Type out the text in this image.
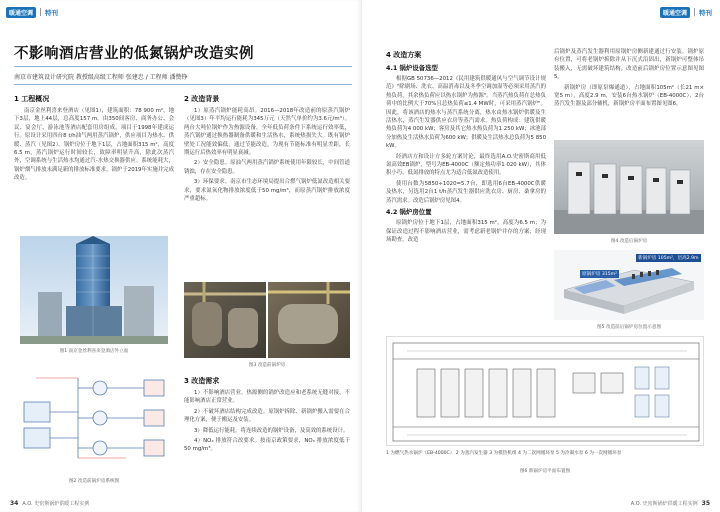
暖通空调	特刊
不影响酒店营业的低氮锅炉改造实例
南京市建筑设计研究院 教授级高级工程师 张建忠 / 工程师 潘赞铮
1 工程概况
南京金丝利喜来登酒店（见图1），建筑面积：78 900 m²，地下3层，地上44层，总高度157 m。由350间客房、商务办公、会议、宴会厅、游泳池等酒店配套用房组成。项目于1998年建成运行。原设计采用四台8 t/h油气两用蒸汽锅炉，供应项目为热水、供暖、蒸汽（见图2）。锅炉房位于地下1层，占地面积315 m²，高度6.5 m，蒸汽锅炉运行时间较长，故障率明显升高，除此次蒸汽外，空调系统与生活热水均通过汽-水热交换器供应。系统能耗大，锅炉烟气排放未满足新的排放标准要求，锅炉于2019年实施并完成改造。
图1 南京金丝利喜来登酒店外立面
图2 改造前锅炉房系统图
2 改造背景
1）原蒸汽锅炉能耗高昂。2016—2018年改造前的原蒸汽锅炉（见图3）年平均运行能耗为345万元（天然气单价约为3.6元/m³）。两台大吨位锅炉作为热源设备，全年低负荷条件下系统运行效率低，蒸汽锅炉通过换热器制备供暖和生活热水，系统热损失大。既有锅炉壁处工况能效偏低，通过节能改造，为现有节能标准有明显差距，长期运行后热效率有明显衰减。
2）安全隐患。原油气两用蒸汽锅炉系统使用年限较长，中间管道锈蚀，存在安全隐患。
3）环保要求。南京市生态环境局提出合燃气锅炉低氮改造相关要求，要求氮氧化物排放浓度低于50 mg/m³，而原蒸汽锅炉排放浓度严重超标。
图3 改造前锅炉房
3 改造需求
1）不影响酒店营业。热源侧的锅炉改造应和老系统无缝对接，不能影响酒店正常营业。
2）不破坏酒店结构完成改造。原锅炉拆除、新锅炉搬入需要在合理化方案，便于搬运及安装。
3）降低运行能耗。将连续改造的锅炉设备，及高效的系统设计。
4）NOₓ 排放符合改要求。按南京政策要求，NOₓ 排放浓度低于50 mg/m³。
34 A.O. 史密斯锅炉供暖工程实例
暖通空调	特刊
4 改造方案
4.1 锅炉设备选型
根据GB 50736—2012《民用建筑供暖通风与空气调节设计规范》"除剧场、洗衣、高温消毒以及冬季空调加湿等必须采用蒸汽的热负荷，其余热负荷应以热水锅炉为热源"。当蒸汽热负荷在总热负荷中的比例大于70%且总热负荷≤1.4 MW时，可采用蒸汽锅炉"。因此，将该酒店的热水与蒸汽系统分离，热水由热水锅炉供暖及生活热水，蒸汽生发器供应衣房等蒸汽需求。热负荷构成：建筑供暖热负荷为4 000 kW；客房及其它热水热负荷为1 250 kW；冰池部分加热及生活热水负荷为600 kW；供暖及生活热水总负荷为5 850 kW。
经酒店方和设计方多轮方案讨论，最终选用A.O.史密斯商用低氮高效EB锅炉，型号为EB-4000C（额定热功率1 020 kW），其体积小巧，低氮排放的特点尤为适合低氮改造使用。
使用台数为5850÷1020=5.7台，即选用6台EB-4000C供暖及热水，另选用2台1 t/h蒸汽发生器供应洗衣房、厨房、桑拿房的蒸汽需求。改造后锅炉房见图4。
4.2 锅炉房位置
原锅炉房位于地下1层，占地面积315 m²，高度为6.5 m；为保证改造过程不影响酒店营业，需考虑新老锅炉并存的方案；经现场勘查，改造
后锅炉及蒸汽发生器利用原锅炉房侧新建通过行安装。锅炉原有位置，可将老锅炉拆除并从下沉式沿固出，新锅炉可整体吊装搬入，无需破坏建筑结构。改造前后锅炉房位置示意图见图5。
新锅炉房（即原泵爆通道），占地面积105m²（长21 m×宽5 m），高度2.9 m，安装6台热水锅炉（EB-4000C），2台蒸汽发生器及部分辅机，新锅炉房平面布置图见图6。
图4 改造后锅炉房
原锅炉房 315m²
新锅炉房 105m²，层高2.9m
图5 改造前后锅炉房位置示意图
1 为燃气热水锅炉（EB-4000C） 2 为蒸汽发生器 3 为模热机组 4 为二次网循环泵 5 为冷凝水泵 6 为一次网循环泵
图6 新锅炉房平面布置图
A.O. 史密斯锅炉供暖工程实例 35
